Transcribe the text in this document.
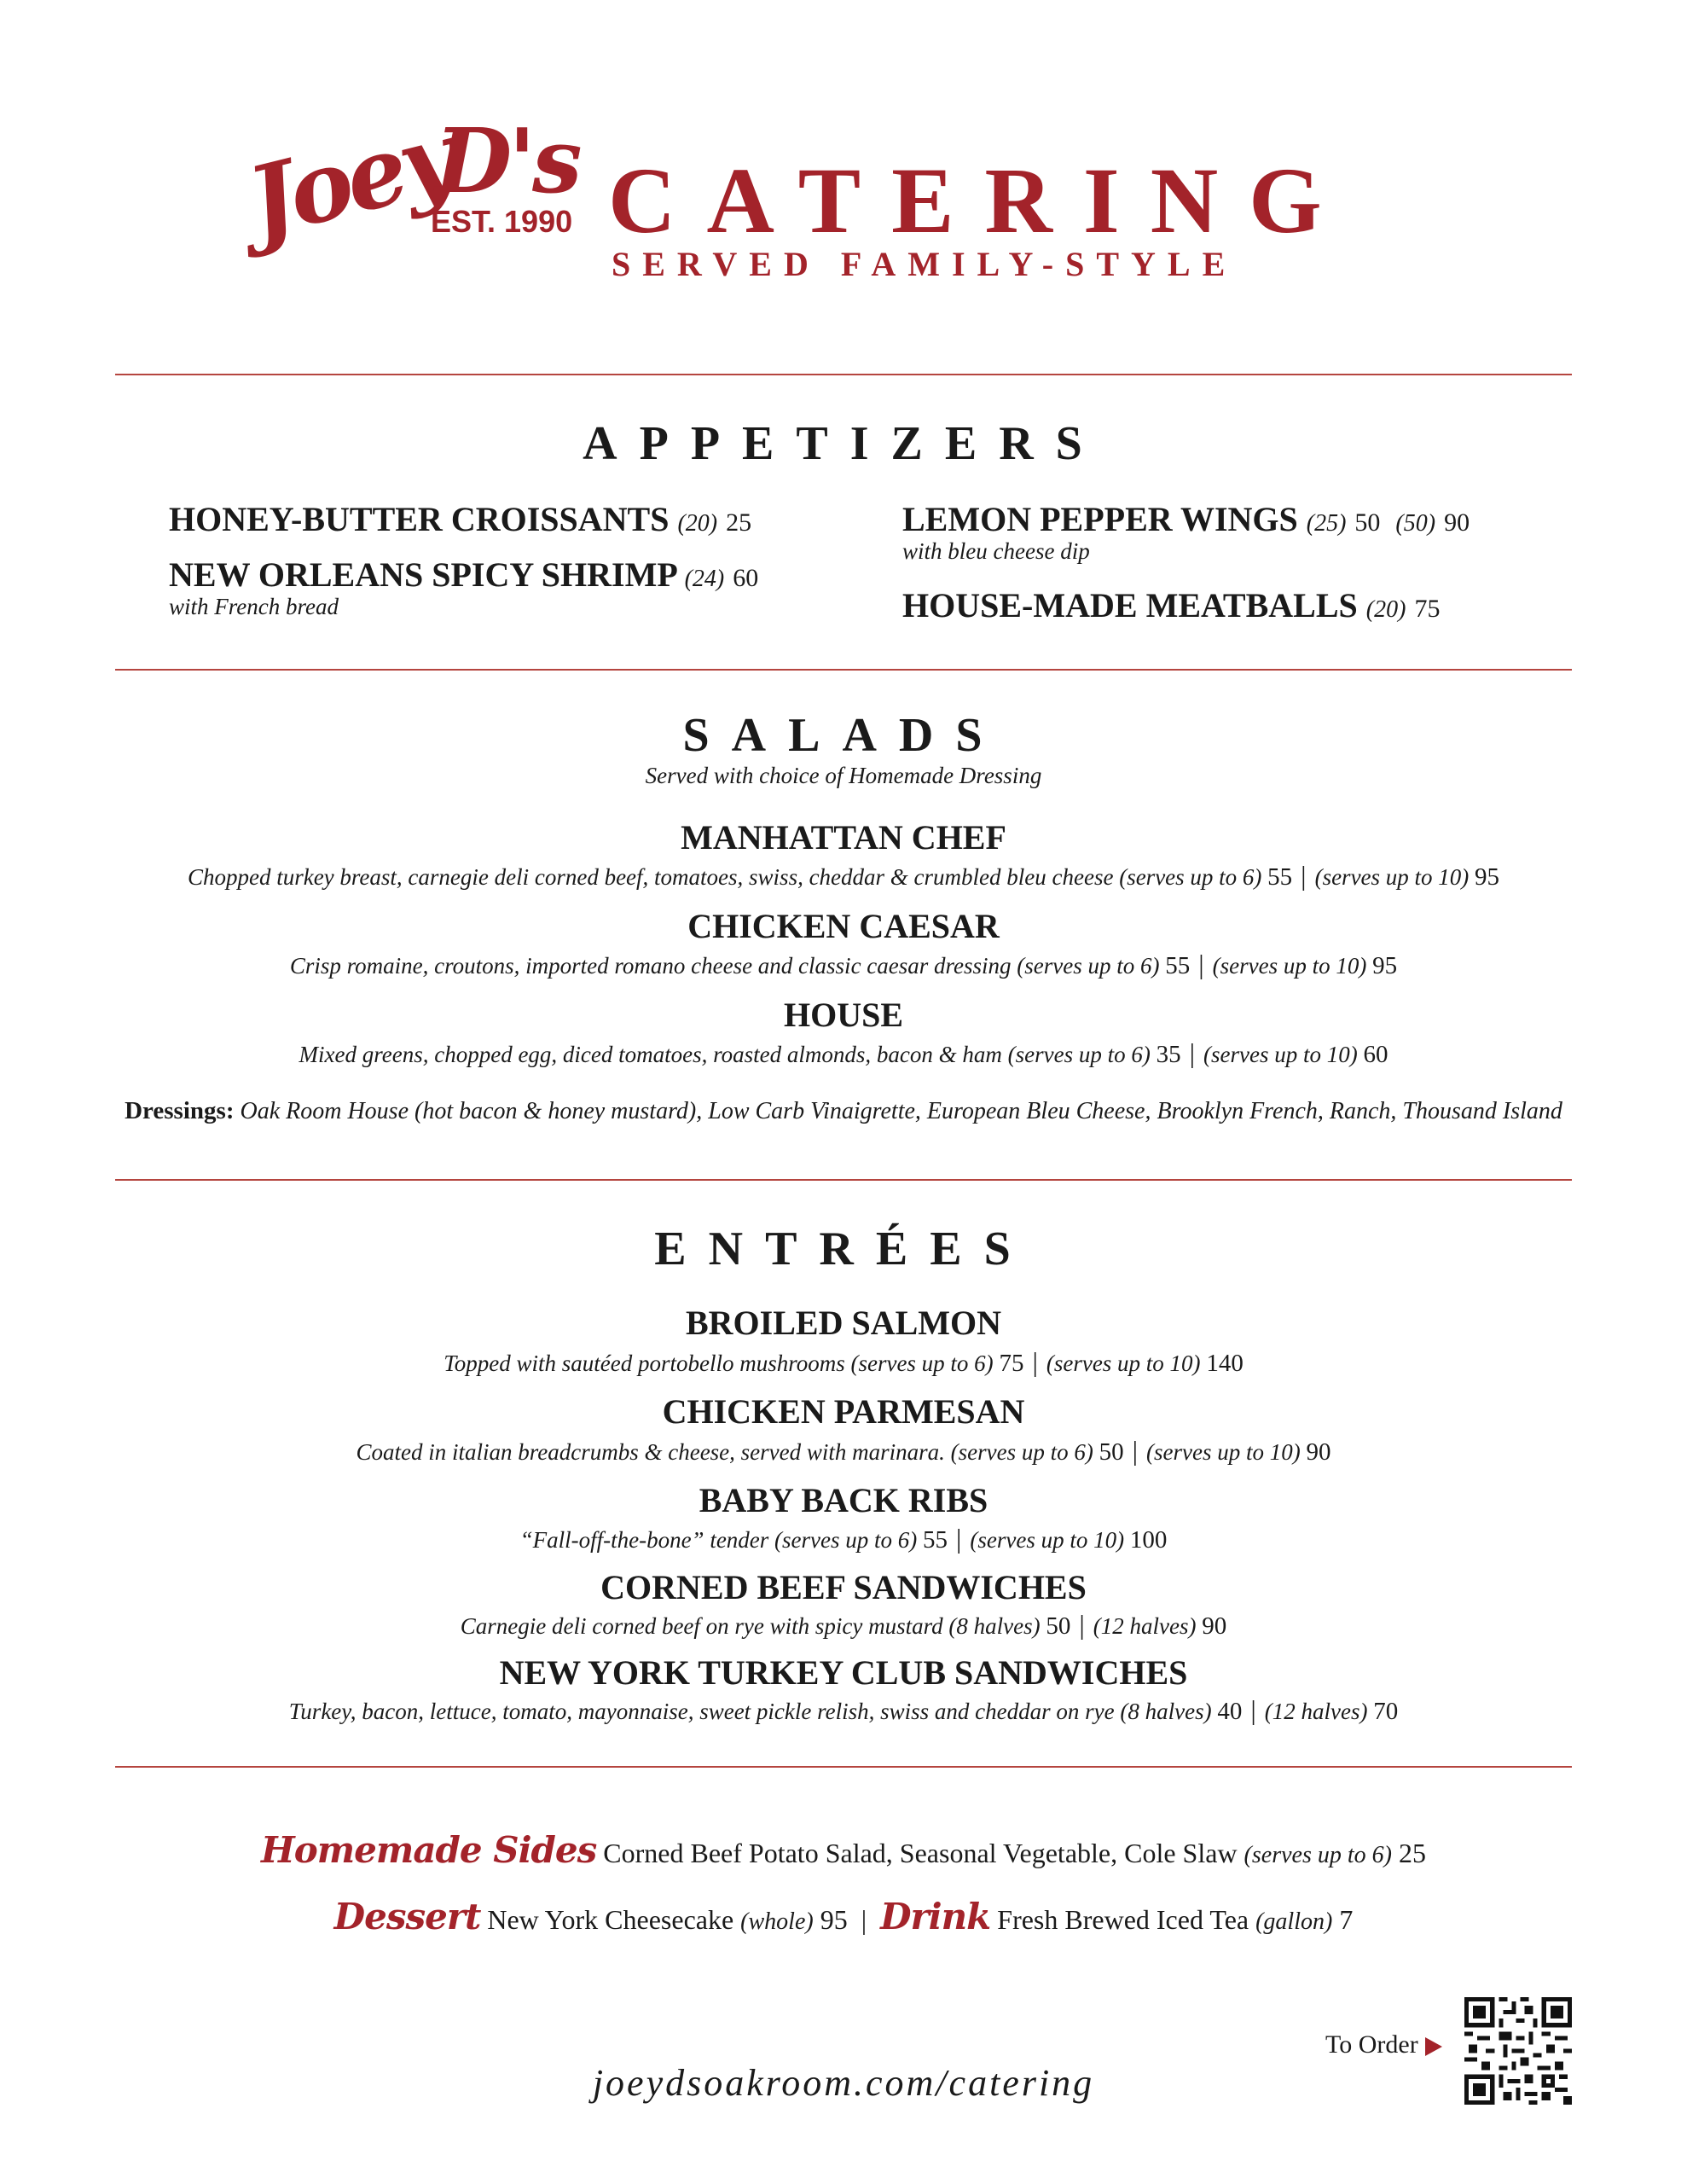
Joey
D's
EST. 1990 CATERING
SERVED FAMILY-STYLE
APPETIZERS
HONEY-BUTTER CROISSANTS (20) 25
NEW ORLEANS SPICY SHRIMP (24) 60
with French bread
LEMON PEPPER WINGS (25) 50 (50) 90
with bleu cheese dip
HOUSE-MADE MEATBALLS (20) 75
SALADS
Served with choice of Homemade Dressing
MANHATTAN CHEF
Chopped turkey breast, carnegie deli corned beef, tomatoes, swiss, cheddar & crumbled bleu cheese (serves up to 6) 55 | (serves up to 10) 95
CHICKEN CAESAR
Crisp romaine, croutons, imported romano cheese and classic caesar dressing (serves up to 6) 55 | (serves up to 10) 95
HOUSE
Mixed greens, chopped egg, diced tomatoes, roasted almonds, bacon & ham (serves up to 6) 35 | (serves up to 10) 60
Dressings: Oak Room House (hot bacon & honey mustard), Low Carb Vinaigrette, European Bleu Cheese, Brooklyn French, Ranch, Thousand Island
ENTRÉES
BROILED SALMON
Topped with sautéed portobello mushrooms (serves up to 6) 75 | (serves up to 10) 140
CHICKEN PARMESAN
Coated in italian breadcrumbs & cheese, served with marinara. (serves up to 6) 50 | (serves up to 10) 90
BABY BACK RIBS
“Fall-off-the-bone” tender (serves up to 6) 55 | (serves up to 10) 100
CORNED BEEF SANDWICHES
Carnegie deli corned beef on rye with spicy mustard (8 halves) 50 | (12 halves) 90
NEW YORK TURKEY CLUB SANDWICHES
Turkey, bacon, lettuce, tomato, mayonnaise, sweet pickle relish, swiss and cheddar on rye (8 halves) 40 | (12 halves) 70
Homemade Sides Corned Beef Potato Salad, Seasonal Vegetable, Cole Slaw (serves up to 6) 25
Dessert New York Cheesecake (whole) 95 | Drink Fresh Brewed Iced Tea (gallon) 7
joeydsoakroom.com/catering
To Order
